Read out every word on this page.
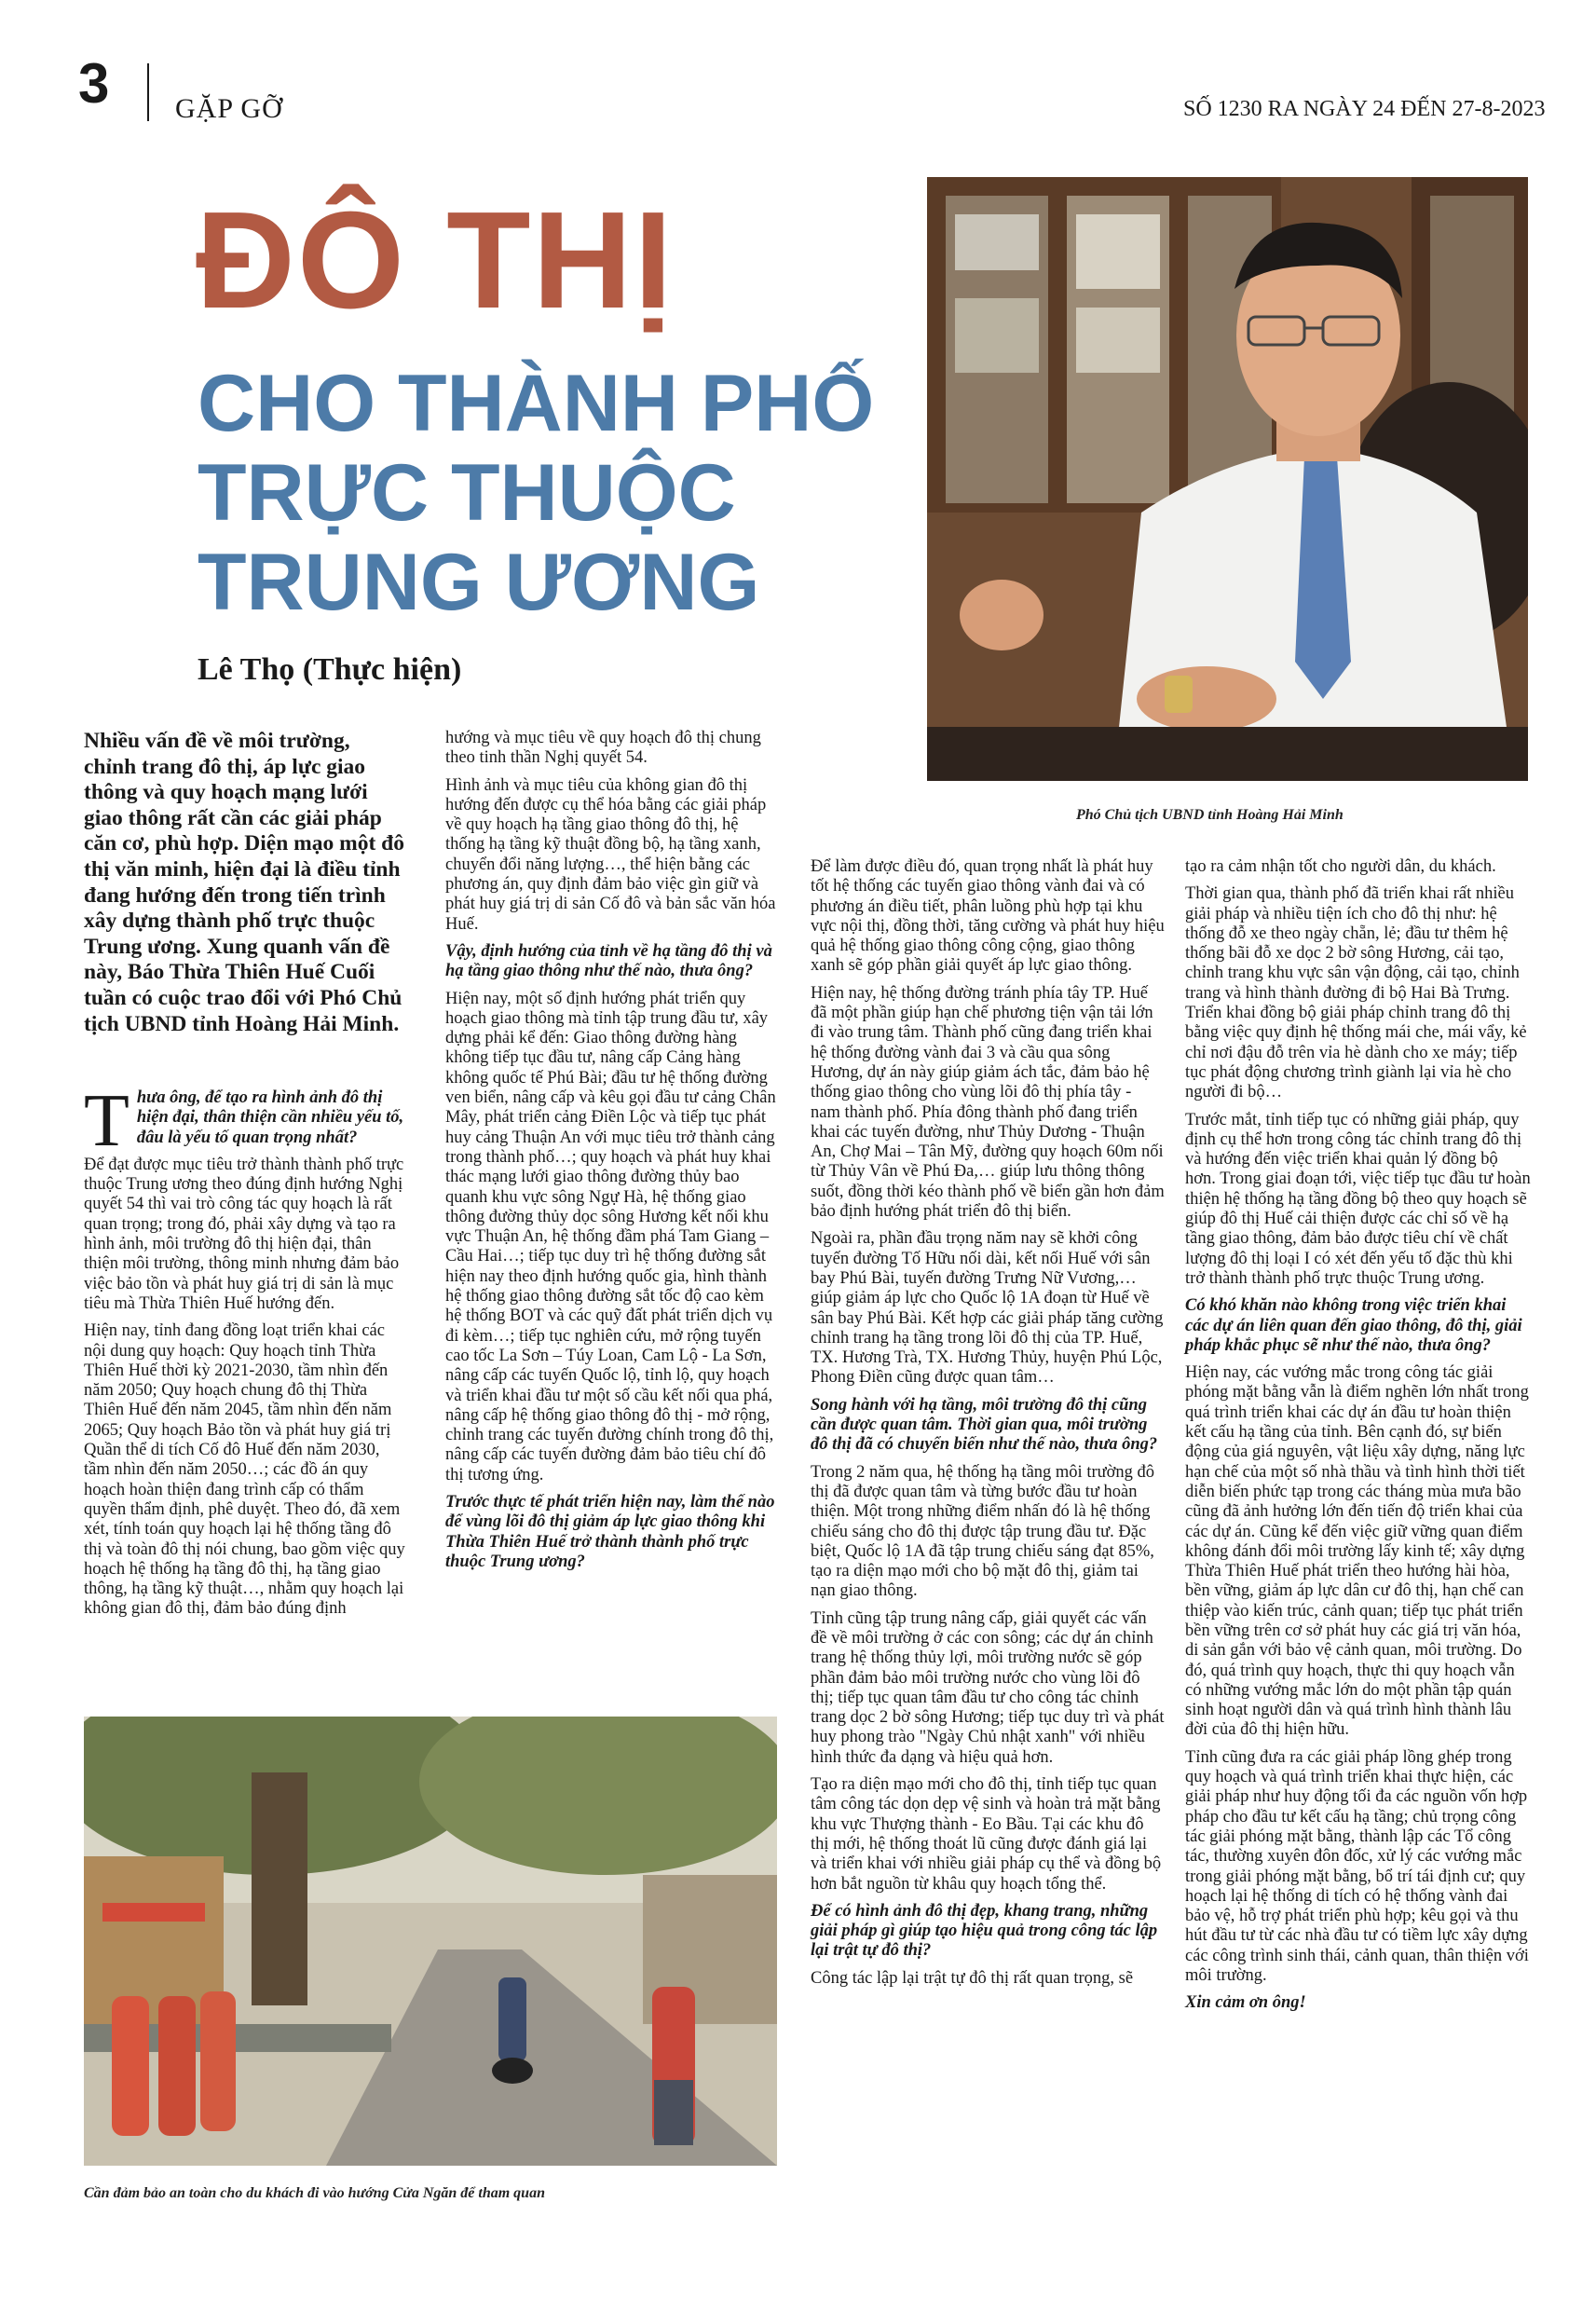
3 GẶP GỠ	SỐ 1230 RA NGÀY 24 ĐẾN 27-8-2023
ĐÔ THỊ
CHO THÀNH PHỐ
TRỰC THUỘC
TRUNG ƯƠNG
Lê Thọ (Thực hiện)
Phó Chủ tịch UBND tỉnh Hoàng Hải Minh
Nhiều vấn đề về môi trường, chỉnh trang đô thị, áp lực giao thông và quy hoạch mạng lưới giao thông rất cần các giải pháp căn cơ, phù hợp. Diện mạo một đô thị văn minh, hiện đại là điều tỉnh đang hướng đến trong tiến trình xây dựng thành phố trực thuộc Trung ương. Xung quanh vấn đề này, Báo Thừa Thiên Huế Cuối tuần có cuộc trao đổi với Phó Chủ tịch UBND tỉnh Hoàng Hải Minh.

Thưa ông, để tạo ra hình ảnh đô thị hiện đại, thân thiện cần nhiều yếu tố, đâu là yếu tố quan trọng nhất?

Để đạt được mục tiêu trở thành thành phố trực thuộc Trung ương theo đúng định hướng Nghị quyết 54 thì vai trò công tác quy hoạch là rất quan trọng; trong đó, phải xây dựng và tạo ra hình ảnh, môi trường đô thị hiện đại, thân thiện môi trường, thông minh nhưng đảm bảo việc bảo tồn và phát huy giá trị di sản là mục tiêu mà Thừa Thiên Huế hướng đến.

Hiện nay, tỉnh đang đồng loạt triển khai các nội dung quy hoạch: Quy hoạch tỉnh Thừa Thiên Huế thời kỳ 2021-2030, tầm nhìn đến năm 2050; Quy hoạch chung đô thị Thừa Thiên Huế đến năm 2045, tầm nhìn đến năm 2065; Quy hoạch Bảo tồn và phát huy giá trị Quần thể di tích Cố đô Huế đến năm 2030, tầm nhìn đến năm 2050…; các đồ án quy hoạch hoàn thiện đang trình cấp có thẩm quyền thẩm định, phê duyệt. Theo đó, đã xem xét, tính toán quy hoạch lại hệ thống tầng đô thị và toàn đô thị nói chung, bao gồm việc quy hoạch hệ thống hạ tầng đô thị, hạ tầng giao thông, hạ tầng kỹ thuật…, nhằm quy hoạch lại không gian đô thị, đảm bảo đúng định

hướng và mục tiêu về quy hoạch đô thị chung theo tinh thần Nghị quyết 54.

Hình ảnh và mục tiêu của không gian đô thị hướng đến được cụ thể hóa bằng các giải pháp về quy hoạch hạ tầng giao thông đô thị, hệ thống hạ tầng kỹ thuật đồng bộ, hạ tầng xanh, chuyển đổi năng lượng…, thể hiện bằng các phương án, quy định đảm bảo việc gìn giữ và phát huy giá trị di sản Cố đô và bản sắc văn hóa Huế.

Vậy, định hướng của tỉnh về hạ tầng đô thị và hạ tầng giao thông như thế nào, thưa ông?

Hiện nay, một số định hướng phát triển quy hoạch giao thông mà tỉnh tập trung đầu tư, xây dựng phải kể đến: Giao thông đường hàng không tiếp tục đầu tư, nâng cấp Cảng hàng không quốc tế Phú Bài; đầu tư hệ thống đường ven biển, nâng cấp và kêu gọi đầu tư cảng Chân Mây, phát triển cảng Điền Lộc và tiếp tục phát huy cảng Thuận An với mục tiêu trở thành cảng trong thành phố…; quy hoạch và phát huy khai thác mạng lưới giao thông đường thủy bao quanh khu vực sông Ngự Hà, hệ thống giao thông đường thủy dọc sông Hương kết nối khu vực Thuận An, hệ thống đầm phá Tam Giang – Cầu Hai…; tiếp tục duy trì hệ thống đường sắt hiện nay theo định hướng quốc gia, hình thành hệ thống giao thông đường sắt tốc độ cao kèm hệ thống BOT và các quỹ đất phát triển dịch vụ đi kèm…; tiếp tục nghiên cứu, mở rộng tuyến cao tốc La Sơn – Túy Loan, Cam Lộ - La Sơn, nâng cấp các tuyến Quốc lộ, tỉnh lộ, quy hoạch và triển khai đầu tư một số cầu kết nối qua phá, nâng cấp hệ thống giao thông đô thị - mở rộng, chỉnh trang các tuyến đường chính trong đô thị, nâng cấp các tuyến đường đảm bảo tiêu chí đô thị tương ứng.

Trước thực tế phát triển hiện nay, làm thế nào để vùng lõi đô thị giảm áp lực giao thông khi Thừa Thiên Huế trở thành thành phố trực thuộc Trung ương?

Cần đảm bảo an toàn cho du khách đi vào hướng Cửa Ngăn để tham quan

Để làm được điều đó, quan trọng nhất là phát huy tốt hệ thống các tuyến giao thông vành đai và có phương án điều tiết, phân luồng phù hợp tại khu vực nội thị, đồng thời, tăng cường và phát huy hiệu quả hệ thống giao thông công cộng, giao thông xanh sẽ góp phần giải quyết áp lực giao thông.

Hiện nay, hệ thống đường tránh phía tây TP. Huế đã một phần giúp hạn chế phương tiện vận tải lớn đi vào trung tâm. Thành phố cũng đang triển khai hệ thống đường vành đai 3 và cầu qua sông Hương, dự án này giúp giảm ách tắc, đảm bảo hệ thống giao thông cho vùng lõi đô thị phía tây - nam thành phố. Phía đông thành phố đang triển khai các tuyến đường, như Thủy Dương - Thuận An, Chợ Mai – Tân Mỹ, đường quy hoạch 60m nối từ Thủy Vân về Phú Đa,… giúp lưu thông thông suốt, đồng thời kéo thành phố về biển gần hơn đảm bảo định hướng phát triển đô thị biển.

Ngoài ra, phần đầu trọng năm nay sẽ khởi công tuyến đường Tố Hữu nối dài, kết nối Huế với sân bay Phú Bài, tuyến đường Trưng Nữ Vương,… giúp giảm áp lực cho Quốc lộ 1A đoạn từ Huế về sân bay Phú Bài. Kết hợp các giải pháp tăng cường chỉnh trang hạ tầng trong lõi đô thị của TP. Huế, TX. Hương Trà, TX. Hương Thủy, huyện Phú Lộc, Phong Điền cũng được quan tâm…

Song hành với hạ tầng, môi trường đô thị cũng cần được quan tâm. Thời gian qua, môi trường đô thị đã có chuyển biến như thế nào, thưa ông?

Trong 2 năm qua, hệ thống hạ tầng môi trường đô thị đã được quan tâm và từng bước đầu tư hoàn thiện. Một trong những điểm nhấn đó là hệ thống chiếu sáng cho đô thị được tập trung đầu tư. Đặc biệt, Quốc lộ 1A đã tập trung chiếu sáng đạt 85%, tạo ra diện mạo mới cho bộ mặt đô thị, giảm tai nạn giao thông.

Tỉnh cũng tập trung nâng cấp, giải quyết các vấn đề về môi trường ở các con sông; các dự án chỉnh trang hệ thống thủy lợi, môi trường nước sẽ góp phần đảm bảo môi trường nước cho vùng lõi đô thị; tiếp tục quan tâm đầu tư cho công tác chỉnh trang dọc 2 bờ sông Hương; tiếp tục duy trì và phát huy phong trào "Ngày Chủ nhật xanh" với nhiều hình thức đa dạng và hiệu quả hơn.

Tạo ra diện mạo mới cho đô thị, tỉnh tiếp tục quan tâm công tác dọn dẹp vệ sinh và hoàn trả mặt bằng khu vực Thượng thành - Eo Bầu. Tại các khu đô thị mới, hệ thống thoát lũ cũng được đánh giá lại và triển khai với nhiều giải pháp cụ thể và đồng bộ hơn bắt nguồn từ khâu quy hoạch tổng thể.

Để có hình ảnh đô thị đẹp, khang trang, những giải pháp gì giúp tạo hiệu quả trong công tác lập lại trật tự đô thị?

Công tác lập lại trật tự đô thị rất quan trọng, sẽ

tạo ra cảm nhận tốt cho người dân, du khách.

Thời gian qua, thành phố đã triển khai rất nhiều giải pháp và nhiều tiện ích cho đô thị như: hệ thống đỗ xe theo ngày chẵn, lẻ; đầu tư thêm hệ thống bãi đỗ xe dọc 2 bờ sông Hương, cải tạo, chỉnh trang khu vực sân vận động, cải tạo, chỉnh trang và hình thành đường đi bộ Hai Bà Trưng. Triển khai đồng bộ giải pháp chỉnh trang đô thị bằng việc quy định hệ thống mái che, mái vẩy, kẻ chỉ nơi đậu đỗ trên vỉa hè dành cho xe máy; tiếp tục phát động chương trình giành lại vỉa hè cho người đi bộ…

Trước mắt, tỉnh tiếp tục có những giải pháp, quy định cụ thể hơn trong công tác chỉnh trang đô thị và hướng đến việc triển khai quản lý đồng bộ hơn. Trong giai đoạn tới, việc tiếp tục đầu tư hoàn thiện hệ thống hạ tầng đồng bộ theo quy hoạch sẽ giúp đô thị Huế cải thiện được các chỉ số về hạ tầng giao thông, đảm bảo được tiêu chí về chất lượng đô thị loại I có xét đến yếu tố đặc thù khi trở thành thành phố trực thuộc Trung ương.

Có khó khăn nào không trong việc triển khai các dự án liên quan đến giao thông, đô thị, giải pháp khắc phục sẽ như thế nào, thưa ông?

Hiện nay, các vướng mắc trong công tác giải phóng mặt bằng vẫn là điểm nghẽn lớn nhất trong quá trình triển khai các dự án đầu tư hoàn thiện kết cấu hạ tầng của tỉnh. Bên cạnh đó, sự biến động của giá nguyên, vật liệu xây dựng, năng lực hạn chế của một số nhà thầu và tình hình thời tiết diễn biến phức tạp trong các tháng mùa mưa bão cũng đã ảnh hưởng lớn đến tiến độ triển khai của các dự án. Cũng kể đến việc giữ vững quan điểm không đánh đổi môi trường lấy kinh tế; xây dựng Thừa Thiên Huế phát triển theo hướng hài hòa, bền vững, giảm áp lực dân cư đô thị, hạn chế can thiệp vào kiến trúc, cảnh quan; tiếp tục phát triển bền vững trên cơ sở phát huy các giá trị văn hóa, di sản gắn với bảo vệ cảnh quan, môi trường. Do đó, quá trình quy hoạch, thực thi quy hoạch vẫn có những vướng mắc lớn do một phần tập quán sinh hoạt người dân và quá trình hình thành lâu đời của đô thị hiện hữu.

Tỉnh cũng đưa ra các giải pháp lồng ghép trong quy hoạch và quá trình triển khai thực hiện, các giải pháp như huy động tối đa các nguồn vốn hợp pháp cho đầu tư kết cấu hạ tầng; chủ trọng công tác giải phóng mặt bằng, thành lập các Tổ công tác, thường xuyên đôn đốc, xử lý các vướng mắc trong giải phóng mặt bằng, bổ trí tái định cư; quy hoạch lại hệ thống di tích có hệ thống vành đai bảo vệ, hỗ trợ phát triển phù hợp; kêu gọi và thu hút đầu tư từ các nhà đầu tư có tiềm lực xây dựng các công trình sinh thái, cảnh quan, thân thiện với môi trường.

Xin cảm ơn ông!
